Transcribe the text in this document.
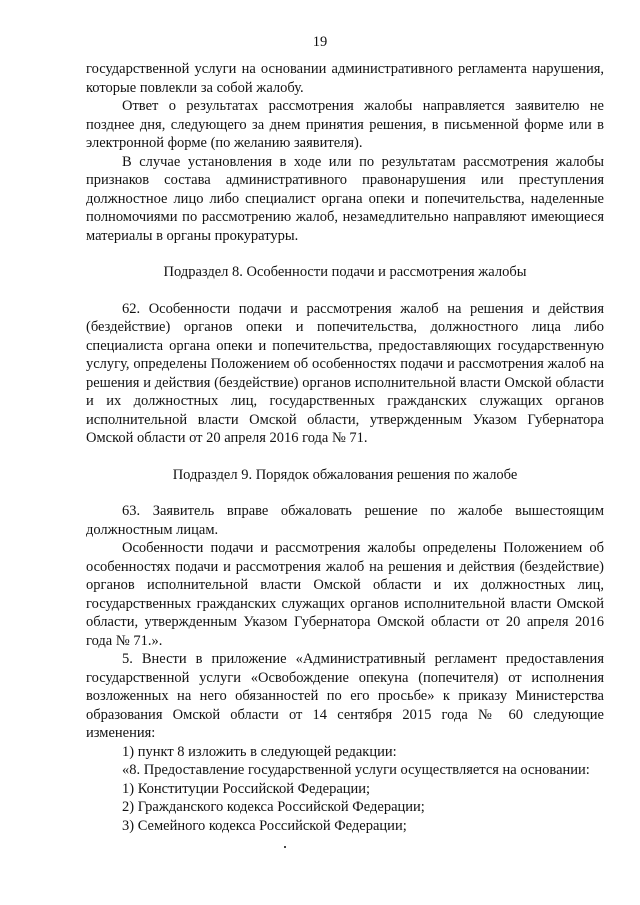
19

государственной услуги на основании административного регламента нарушения, которые повлекли за собой жалобу.

Ответ о результатах рассмотрения жалобы направляется заявителю не позднее дня, следующего за днем принятия решения, в письменной форме или в электронной форме (по желанию заявителя).

В случае установления в ходе или по результатам рассмотрения жалобы признаков состава административного правонарушения или преступления должностное лицо либо специалист органа опеки и попечительства, наделенные полномочиями по рассмотрению жалоб, незамедлительно направляют имеющиеся материалы в органы прокуратуры.

Подраздел 8. Особенности подачи и рассмотрения жалобы

62. Особенности подачи и рассмотрения жалоб на решения и действия (бездействие) органов опеки и попечительства, должностного лица либо специалиста органа опеки и попечительства, предоставляющих государственную услугу, определены Положением об особенностях подачи и рассмотрения жалоб на решения и действия (бездействие) органов исполнительной власти Омской области и их должностных лиц, государственных гражданских служащих органов исполнительной власти Омской области, утвержденным Указом Губернатора Омской области от 20 апреля 2016 года № 71.

Подраздел 9. Порядок обжалования решения по жалобе

63. Заявитель вправе обжаловать решение по жалобе вышестоящим должностным лицам.

Особенности подачи и рассмотрения жалобы определены Положением об особенностях подачи и рассмотрения жалоб на решения и действия (бездействие) органов исполнительной власти Омской области и их должностных лиц, государственных гражданских служащих органов исполнительной власти Омской области, утвержденным Указом Губернатора Омской области от 20 апреля 2016 года № 71.».

5. Внести в приложение «Административный регламент предоставления государственной услуги «Освобождение опекуна (попечителя) от исполнения возложенных на него обязанностей по его просьбе» к приказу Министерства образования Омской области от 14 сентября 2015 года № 60 следующие изменения:

1) пункт 8 изложить в следующей редакции:

«8. Предоставление государственной услуги осуществляется на основании:

1) Конституции Российской Федерации;

2) Гражданского кодекса Российской Федерации;

3) Семейного кодекса Российской Федерации;
